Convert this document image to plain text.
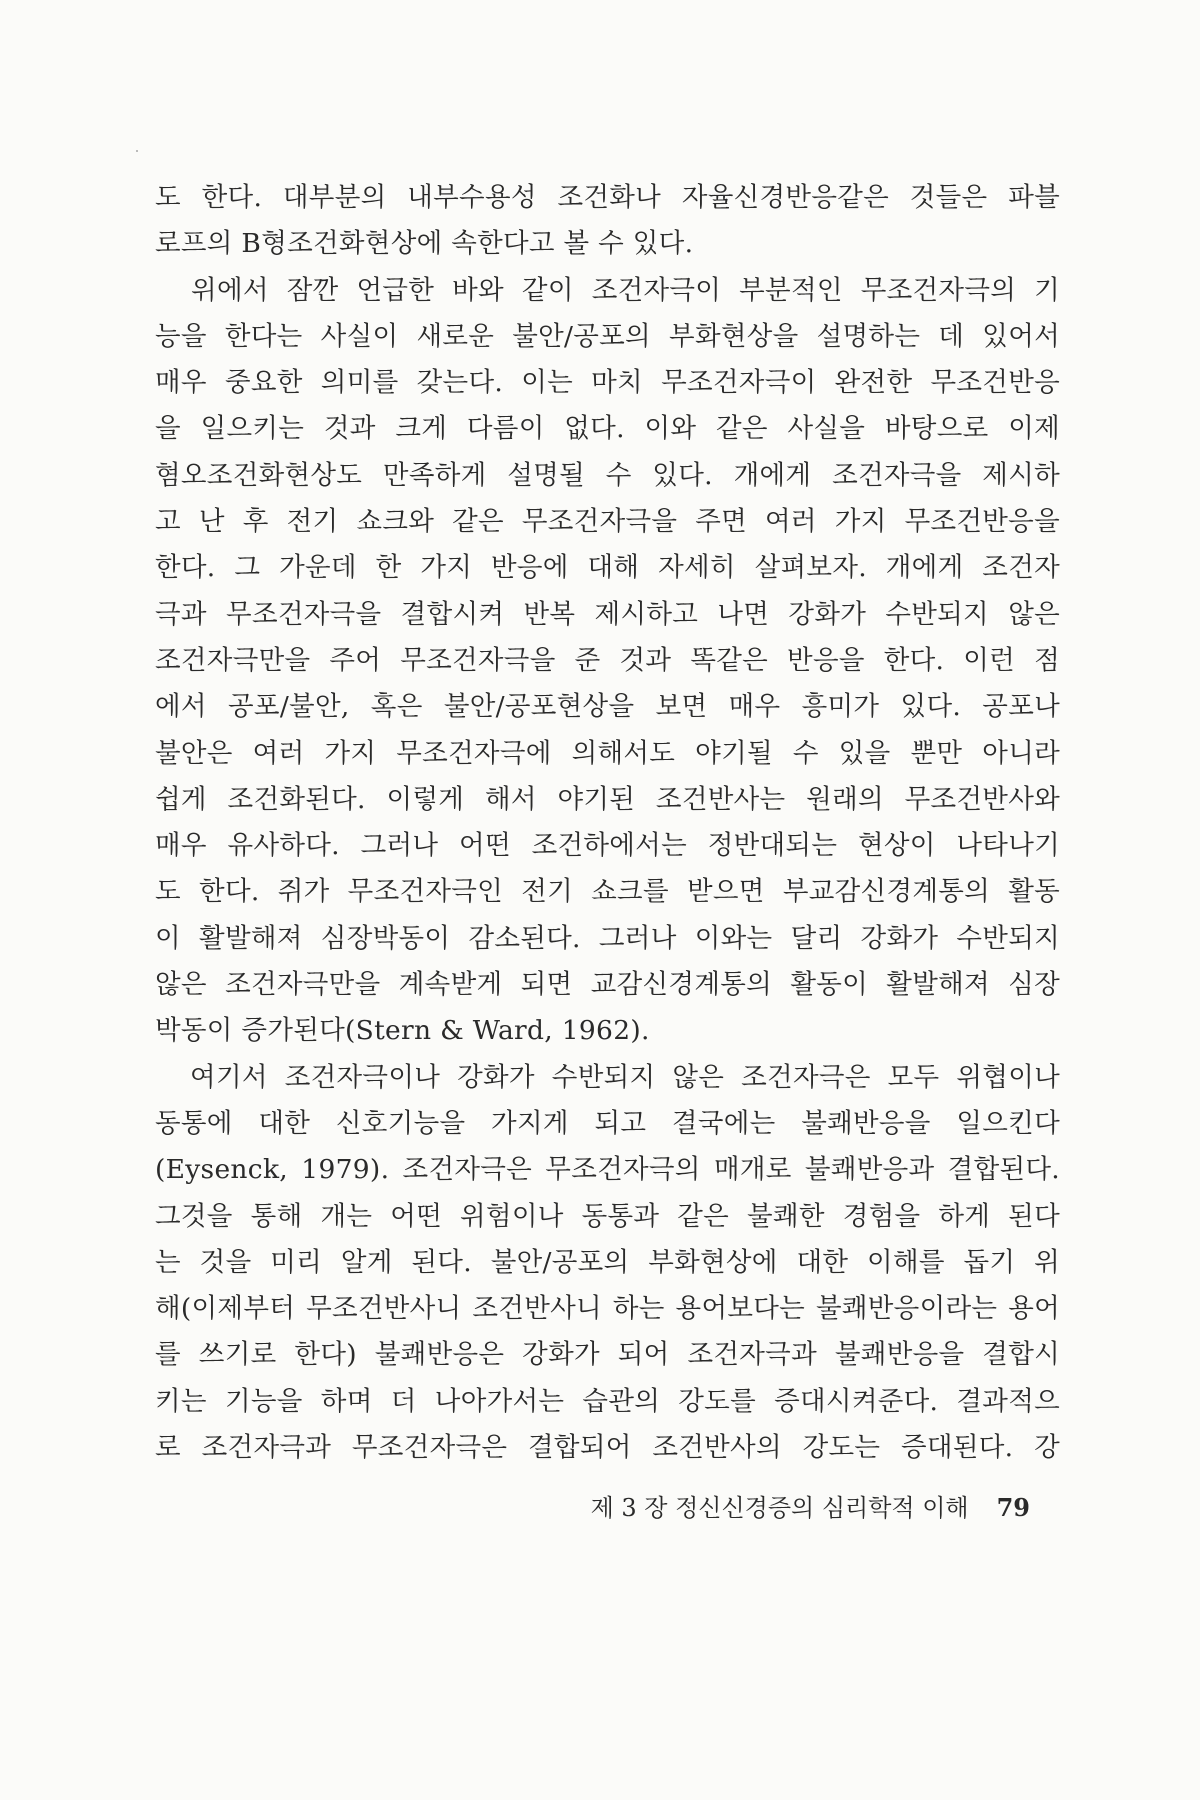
도 한다. 대부분의 내부수용성 조건화나 자율신경반응같은 것들은 파블
로프의 B형조건화현상에 속한다고 볼 수 있다.
　위에서 잠깐 언급한 바와 같이 조건자극이 부분적인 무조건자극의 기
능을 한다는 사실이 새로운 불안/공포의 부화현상을 설명하는 데 있어서
매우 중요한 의미를 갖는다. 이는 마치 무조건자극이 완전한 무조건반응
을 일으키는 것과 크게 다름이 없다. 이와 같은 사실을 바탕으로 이제
혐오조건화현상도 만족하게 설명될 수 있다. 개에게 조건자극을 제시하
고 난 후 전기 쇼크와 같은 무조건자극을 주면 여러 가지 무조건반응을
한다. 그 가운데 한 가지 반응에 대해 자세히 살펴보자. 개에게 조건자
극과 무조건자극을 결합시켜 반복 제시하고 나면 강화가 수반되지 않은
조건자극만을 주어 무조건자극을 준 것과 똑같은 반응을 한다. 이런 점
에서 공포/불안, 혹은 불안/공포현상을 보면 매우 흥미가 있다. 공포나
불안은 여러 가지 무조건자극에 의해서도 야기될 수 있을 뿐만 아니라
쉽게 조건화된다. 이렇게 해서 야기된 조건반사는 원래의 무조건반사와
매우 유사하다. 그러나 어떤 조건하에서는 정반대되는 현상이 나타나기
도 한다. 쥐가 무조건자극인 전기 쇼크를 받으면 부교감신경계통의 활동
이 활발해져 심장박동이 감소된다. 그러나 이와는 달리 강화가 수반되지
않은 조건자극만을 계속받게 되면 교감신경계통의 활동이 활발해져 심장
박동이 증가된다(Stern & Ward, 1962).
　여기서 조건자극이나 강화가 수반되지 않은 조건자극은 모두 위협이나
동통에 대한 신호기능을 가지게 되고 결국에는 불쾌반응을 일으킨다
(Eysenck, 1979). 조건자극은 무조건자극의 매개로 불쾌반응과 결합된다.
그것을 통해 개는 어떤 위험이나 동통과 같은 불쾌한 경험을 하게 된다
는 것을 미리 알게 된다. 불안/공포의 부화현상에 대한 이해를 돕기 위
해(이제부터 무조건반사니 조건반사니 하는 용어보다는 불쾌반응이라는 용어
를 쓰기로 한다) 불쾌반응은 강화가 되어 조건자극과 불쾌반응을 결합시
키는 기능을 하며 더 나아가서는 습관의 강도를 증대시켜준다. 결과적으
로 조건자극과 무조건자극은 결합되어 조건반사의 강도는 증대된다. 강
제 3 장 정신신경증의 심리학적 이해 79
